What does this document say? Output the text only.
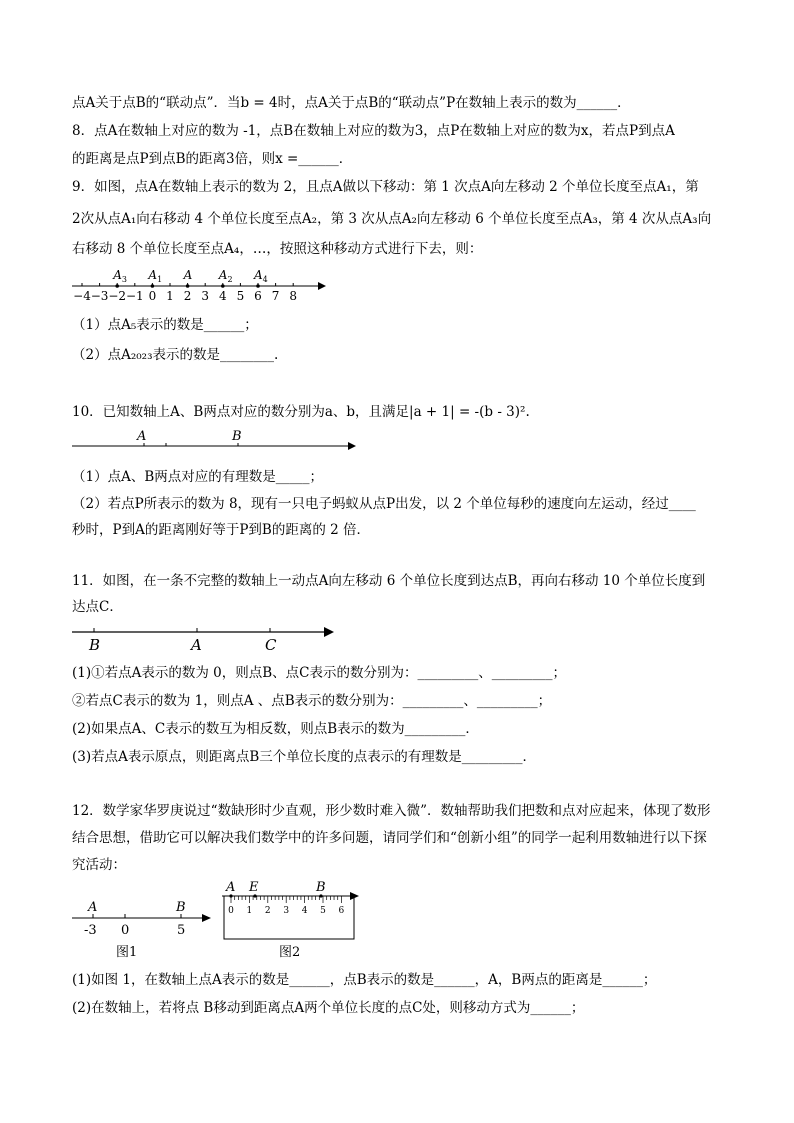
点A关于点B的“联动点”．当b = 4时，点A关于点B的“联动点”P在数轴上表示的数为______．
8．点A在数轴上对应的数为 -1，点B在数轴上对应的数为3，点P在数轴上对应的数为x，若点P到点A
的距离是点P到点B的距离3倍，则x =______．
9．如图，点A在数轴上表示的数为 2，且点A做以下移动：第 1 次点A向左移动 2 个单位长度至点A₁，第
2次从点A₁向右移动 4 个单位长度至点A₂，第 3 次从点A₂向左移动 6 个单位长度至点A₃，第 4 次从点A₃向
右移动 8 个单位长度至点A₄，…，按照这种移动方式进行下去，则：
−4 −3 −2 −1 0 1 2 3 4 5 6 7 8
$A_3$ $A_1$ A $A_2$ $A_4$
（1）点A₅表示的数是______；
（2）点A₂₀₂₃表示的数是________.
10．已知数轴上A、B两点对应的数分别为a、b，且满足|a + 1| = -(b - 3)².
A	B
（1）点A、B两点对应的有理数是_____；
（2）若点P所表示的数为 8，现有一只电子蚂蚁从点P出发，以 2 个单位每秒的速度向左运动，经过____
秒时，P到A的距离刚好等于P到B的距离的 2 倍．
11．如图，在一条不完整的数轴上一动点A向左移动 6 个单位长度到达点B，再向右移动 10 个单位长度到
达点C．
B	A	C
(1)①若点A表示的数为 0，则点B、点C表示的数分别为：_________、_________；
②若点C表示的数为 1，则点A 、点B表示的数分别为：_________、_________；
(2)如果点A、C表示的数互为相反数，则点B表示的数为_________．
(3)若点A表示原点，则距离点B三个单位长度的点表示的有理数是_________．
12．数学家华罗庚说过“数缺形时少直观，形少数时难入微”．数轴帮助我们把数和点对应起来，体现了数形
结合思想，借助它可以解决我们数学中的许多问题，请同学们和“创新小组”的同学一起利用数轴进行以下探
究活动：
A	B
-3 0	5
图1
0 1 2 3 4 5 6
A E	B
图2
(1)如图 1，在数轴上点A表示的数是______，点B表示的数是______，A，B两点的距离是______；
(2)在数轴上，若将点 B移动到距离点A两个单位长度的点C处，则移动方式为______；
